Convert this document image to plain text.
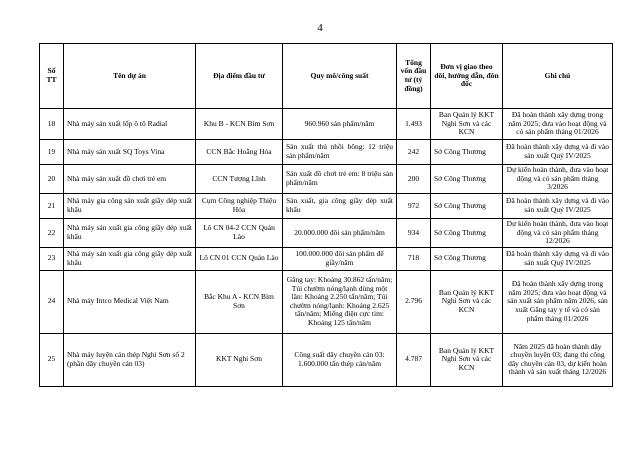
4
Số TT	Tên dự án	Địa điểm đầu tư	Quy mô/công suất	Tổng vốn đầu tư (tỷ đồng)	Đơn vị giao theo dõi, hướng dẫn, đôn đốc	Ghi chú
18	Nhà máy sản xuất lốp ô tô Radial	Khu B - KCN Bỉm Sơn	960.960 sản phẩm/năm	1.493	Ban Quản lý KKT Nghi Sơn và các KCN	Đã hoàn thành xây dựng trong năm 2025; đưa vào hoạt động và có sản phẩm tháng 01/2026
19	Nhà máy sản xuất SQ Toys Vina	CCN Bắc Hoằng Hóa	Sản xuất thú nhồi bông: 12 triệu sản phẩm/năm	242	Sở Công Thương	Đã hoàn thành xây dựng và đi vào sản xuất Quý IV/2025
20	Nhà máy sản xuất đồ chơi trẻ em	CCN Tượng Lĩnh	Sản xuất đồ chơi trẻ em: 8 triệu sản phẩm/năm	200	Sở Công Thương	Dự kiến hoàn thành, đưa vào hoạt động và có sản phẩm tháng 3/2026
21	Nhà máy gia công sản xuất giầy dép xuất khẩu	Cụm Công nghiệp Thiệu Hóa	Sản xuất, gia công giầy dép xuất khẩu	972	Sở Công Thương	Đã hoàn thành xây dựng và đi vào sản xuất Quý IV/2025
22	Nhà máy sản xuất gia công giầy dép xuất khẩu	Lô CN 04-2 CCN Quản Lào	20.000.000 đôi sản phẩm/năm	934	Sở Công Thương	Dự kiến hoàn thành, đưa vào hoạt động và có sản phẩm tháng 12/2026
23	Nhà máy sản xuất gia công giầy dép xuất khẩu	Lô CN 01 CCN Quản Lào	100.000.000 đôi sản phẩm để giầy/năm	718	Sở Công Thương	Đã hoàn thành xây dựng và đi vào sản xuất Quý IV/2025
24	Nhà máy Intco Medical Việt Nam	Bắc Khu A - KCN Bỉm Sơn	Găng tay: Khoảng 30.862 tấn/năm; Túi chườm nóng/lạnh dùng một lần: Khoảng 2.250 tấn/năm; Túi chườm nóng/lạnh: Khoảng 2.625 tấn/năm; Miếng điện cực tim: Khoảng 125 tấn/năm	2.796	Ban Quản lý KKT Nghi Sơn và các KCN	Đã hoàn thành xây dựng trong năm 2025; đưa vào hoạt động và sản xuất sản phẩm năm 2026, sản xuất Găng tay y tế và có sản phẩm tháng 01/2026
25	Nhà máy luyện cán thép Nghi Sơn số 2 (phần dây chuyền cán 03)	KKT Nghi Sơn	Công suất dây chuyền cán 03: 1.600.000 tấn thép cán/năm	4.787	Ban Quản lý KKT Nghi Sơn và các KCN	Năm 2025 đã hoàn thành dây chuyền luyện 03; đang thi công dây chuyền cán 03, dự kiến hoàn thành và sản xuất tháng 12/2026
